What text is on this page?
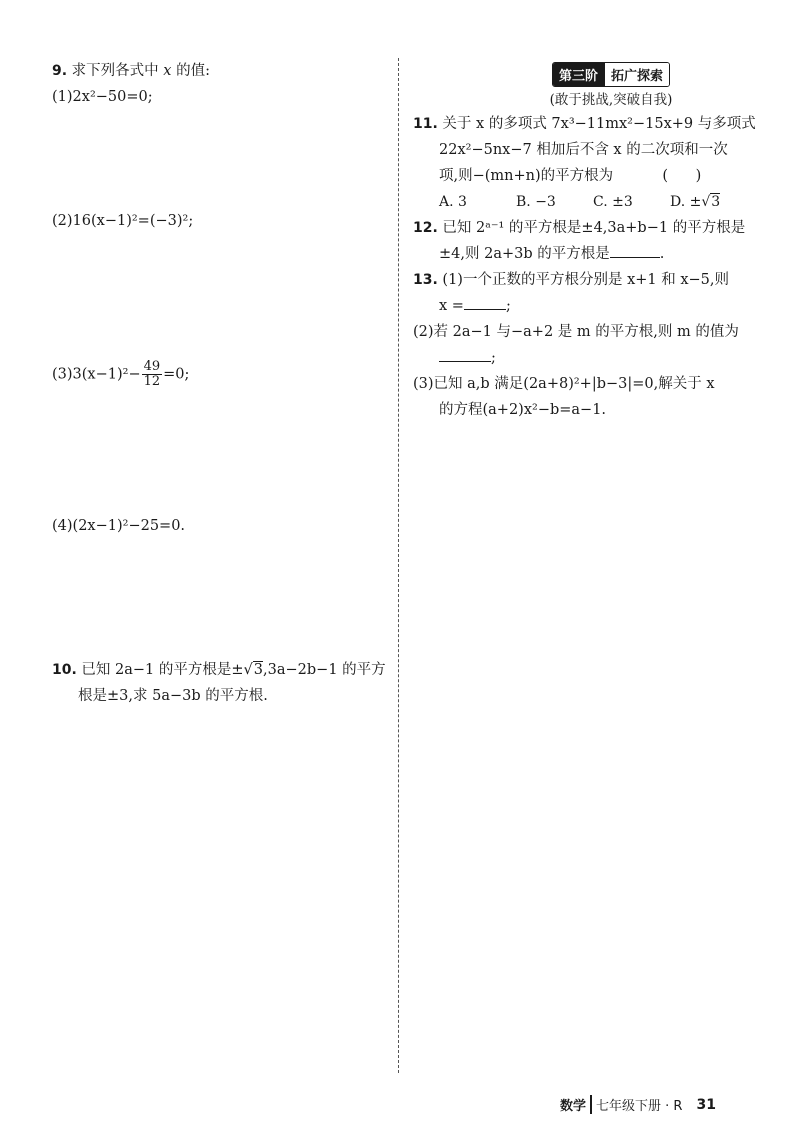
9. 求下列各式中 x 的值:
(1)2x²−50=0;
(2)16(x−1)²=(−3)²;
$(3)3(x-1)^2- \frac{49}{12} =0$;
(4)(2x−1)²−25=0.
10. 已知 2a−1 的平方根是±√3,3a−2b−1 的平方
根是±3,求 5a−3b 的平方根.
第三阶	拓广探索
(敢于挑战,突破自我)
11. 关于 x 的多项式 7x³−11mx²−15x+9 与多项式
22x²−5nx−7 相加后不含 x 的二次项和一次
项,则−(mn+n)的平方根为	(      )
A. 3	B. −3	C. ±3	D. ±√3
12. 已知 2ᵃ⁻¹ 的平方根是±4,3a+b−1 的平方根是
±4,则 2a+3b 的平方根是	.
13. (1)一个正数的平方根分别是 x+1 和 x−5,则
x =	;
(2)若 2a−1 与−a+2 是 m 的平方根,则 m 的值为
;
(3)已知 a,b 满足(2a+8)²+|b−3|=0,解关于 x
的方程(a+2)x²−b=a−1.
数学 七年级下册 · R 31
